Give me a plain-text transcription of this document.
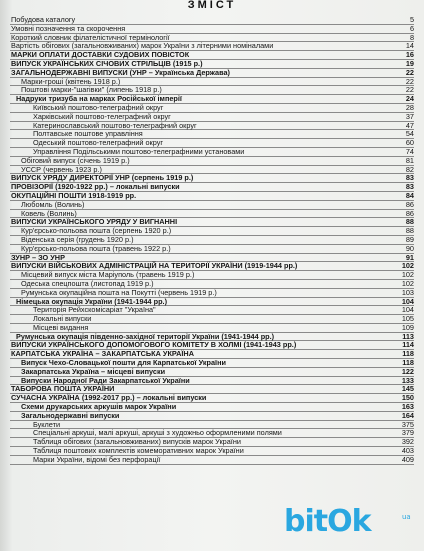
ЗМІСТ
Побудова каталогу	5
Умовні позначення та скорочення	6
Короткий словник філателістичної термінології	8
Вартість обігових (загальновживаних) марок України з літерними номіналами	14
МАРКИ ОПЛАТИ ДОСТАВКИ СУДОВИХ ПОВІСТОК	16
ВИПУСК УКРАЇНСЬКИХ СІЧОВИХ СТРІЛЬЦІВ (1915 р.)	19
ЗАГАЛЬНОДЕРЖАВНІ ВИПУСКИ (УНР – Українська Держава)	22
Марки-гроші (квітень 1918 р.)	22
Поштові марки-"шагівки" (липень 1918 р.)	22
Надруки тризуба на марках Російської імперії	24
Київський поштово-телеграфний округ	28
Харківський поштово-телеграфний округ	37
Катеринославський поштово-телеграфний округ	47
Полтавське поштове управління	54
Одеський поштово-телеграфний округ	60
Управління Подільськими поштово-телеграфними установами	74
Обіговий випуск (січень 1919 р.)	81
УССР (червень 1923 р.)	82
ВИПУСК УРЯДУ ДИРЕКТОРІЇ УНР (серпень 1919 р.)	83
ПРОВІЗОРІЇ (1920-1922 рр.) – локальні випуски	83
ОКУПАЦІЙНІ ПОШТИ 1918-1919 рр.	84
Любомль (Волинь)	86
Ковель (Волинь)	86
ВИПУСКИ УКРАЇНСЬКОГО УРЯДУ У ВИГНАННІ	88
Кур'єрсько-польова пошта (серпень 1920 р.)	88
Віденська серія (грудень 1920 р.)	89
Кур'єрсько-польова пошта (травень 1922 р.)	90
ЗУНР – ЗО УНР	91
ВИПУСКИ ВІЙСЬКОВИХ АДМІНІСТРАЦІЙ НА ТЕРИТОРІЇ УКРАЇНИ (1919-1944 рр.)	102
Місцевий випуск міста Маріуполь (травень 1919 р.)	102
Одеська спецпошта (листопад 1919 р.)	102
Румунська окупаційна пошта на Покутті (червень 1919 р.)	103
Німецька окупація України (1941-1944 рр.)	104
Територія Рейхскомісаріат "Україна"	104
Локальні випуски	105
Місцеві видання	109
Румунська окупація південно-західної території України (1941-1944 рр.)	113
ВИПУСКИ УКРАЇНСЬКОГО ДОПОМОГОВОГО КОМІТЕТУ В ХОЛМІ (1941-1943 рр.)	114
КАРПАТСЬКА УКРАЇНА – ЗАКАРПАТСЬКА УКРАЇНА	118
Випуск Чехо-Словацької пошти для Карпатської України	118
Закарпатська Україна – місцеві випуски	122
Випуски Народної Ради Закарпатської України	133
ТАБОРОВА ПОШТА УКРАЇНИ	145
СУЧАСНА УКРАЇНА (1992-2017 рр.) – локальні випуски	150
Схеми друкарських аркушів марок України	163
Загальнодержавні випуски	164
Буклети	375
Спеціальні аркуші, малі аркуші, аркуші з художньо оформленими полями	379
Таблиця обігових (загальновживаних) випусків марок України	392
Таблиця поштових комплектів комеморативних марок України	403
Марки України, відомі без перфорації	409
bitOk	ua
